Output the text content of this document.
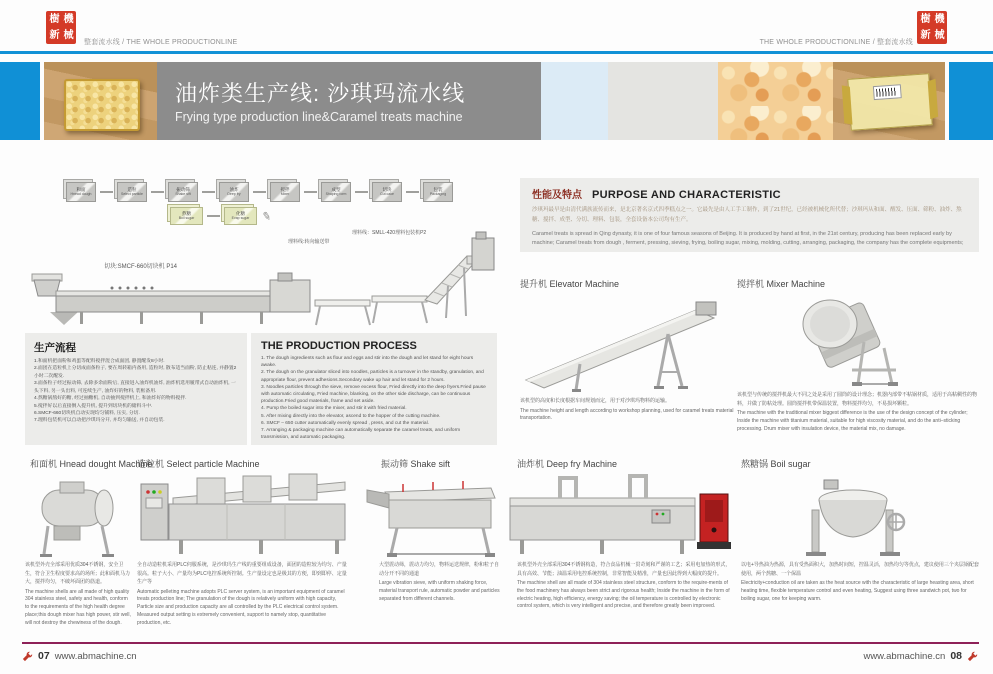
樹 機
新 械
整套流水线 / THE WHOLE PRODUCTIONLINE
樹 機
新 械
THE WHOLE PRODUCTIONLINE / 整套流水线
油炸类生产线: 沙琪玛流水线
Frying type production line&Caramel treats machine
和面
Hnead dough
造粒
Select particle
振动筛
Shake sift
油炸
Deep fry
搅拌
Mixer
成型
Shaping form
切块
Cut cake
包装
Packaging
熬糖
Boil sugar
化糖
Evap sugar ✎
切块:SMCF-660切块机 P14
理料线:转向输送带
理料线：SMLL-420理料包装机P2
生产流程
1.和面机把面粉和鸡蛋等配料搅拌混合成面团, 静置醒发8小时.
2.面团在造粒机上分切成面条粒子, 要在周转箱内备用, 造粒时, 散布适当面粉, 防止粘连, 并静置2小时二次醒发.
3.面条粒子经过振动筛, 去除多余面粉后, 直接进入油炸机油炸, 油炸机选用履带式自动油炸机, 一头下料, 另一头出料, 可连续生产, 油炸好的物料, 装框备用.
4.熬糖锅熬好的糖, 经过抽糖机, 自动抽到搅拌机上, 和油炸好的物料搅拌.
5.搅拌好以后直接倒入提升机, 提升到切块机的储料斗中.
6.SMCF-660切块机自动实现均匀铺料, 压实, 分切.
7.理料包装机可以自动把沙琪玛分开, 并均匀输送, 并自动包装.
THE PRODUCTION PROCESS
1. The dough ingredients such as flour and eggs and stir into the dough and let stand for eight hours awake.
2. The dough on the granulator sliced into noodles, particles is a turnover in the standby, granulation, and appropriate flour, prevent adhesions.Secondary wake up hair and let stand for 2 hours.
3. Noodles particles through the sieve, remove excess flour, Fried directly into the deep fryers.Fried pause with automatic circulating, Fried machine, blanking, on the other side discharge, can be continuous production.Fried good materials, frame and set aside.
4. Pump the boiled sugar into the mixer, and stir it with fried material.
5. After mixing directly into the elevator, ascend to the hopper of the cutting machine.
6. SMCF – 650 cutter automatically evenly spread , press, and cut the material.
7. Arranging & packaging machine can automatically separate the caramel treats, and uniform transmission, and automatic packaging.
性能及特点 PURPOSE AND CHARACTERISTIC
沙琪玛最早是由清代满族流传而来，是北京著名京式四季糕点之一。它最先是由人工手工制作，到了21世纪，已经被机械化所代替；沙琪玛从和面、醒发、压面、筛粉、油炸、熬糖、搅拌、成型、分切、理料、包装，全套设备本公司均有生产。
Caramel treats is spread in Qing dynasty, it is one of four famous seasons of Beijing. It is produced by hand at first, in the 21st century, producing has been replaced early by machine; Caramel treats from dough , ferment, pressing, sieving, frying, boiling sugar, mixing, molding, cutting, arranging, packaging, the company has the complete equipments;
提升机 Elevator Machine
该机型的高度和长度根据车间规划而定，用于对沙琪玛物料的运输。
The machine height and length according to workshop planning, used for caramel treats material transportation.
搅拌机 Mixer Machine
该机型与传统的搅拌机最大不同之处是采用了圆筒的设计理念；机器内部带不粘锅材质，适用于高粘稠性的物料，并做了防粘处理。圆筒搅拌机带保温装置，物料搅拌均匀，不易损坏颗粒。
The machine with the traditional mixer biggest difference is the use of the design concept of the cylinder; Inside the machine with titanium material, suitable for high viscosity material, and do the anti–sticking processing. Drum mixer with insulation device, the material mix, no damage.
和面机 Hnead dought Machine
该机型外壳全部采用优质304不锈钢，安全卫生，符合卫生程度要求高的场所；此和面机马力大，搅拌均匀，不破坏面团的筋道。
The machine shells are all made of high quality 304 stainless steel, safety and health, conform to the requirements of the high health degree place;this dough mixer has high power, stir well, will not destroy the chewiness of the dough.
造粒机 Select particle Machine
全自动造粒机采用PLC伺服系统，是沙琪玛生产线的重要组成设备，面团的造粒较为均匀、产量很高。粒子大小、产量均为PLC电控系统所控制。生产量设定也是极其的方便，即到即停、定量生产等
Automatic pelleting machine adopts PLC server system, is an important equipment of caramel treats production line; The granulation of the dough is relatively uniform with high capacity, Particle size and production capacity are all controlled by the PLC electrical control system. Measured output setting is extremely convenient, support to namely stop, quantitative production, etc.
振动筛 Shake sift
大型震动筛，震动力均匀，物料运送规律，粉和粒子自动分开不同的通道
Large vibration sieve, with uniform shaking force, material transport rule, automatic powder and particles separated from different channels.
油炸机 Deep fry Machine
该机型外壳全部采用304不锈钢构造，符合食品机械一贯苛刻和严谨的工艺；采用电加热的形式，具有高效、节能；油温采用电控系统控制，非常智能及精准，产量也因此得到大幅度的提升。
The machine shell are all made of 304 stainless steel structure, conform to the require-ments of the food machinery has always been strict and rigorous health; Inside the machine in the form of electric heating, high efficiency, energy saving; the oil temperature is controlled by electronic control system, which is very intelligent and precise, and therefore greatly been improved.
熬糖锅 Boil sugar
以电+导热油为热源，具有受热面积大，加热时间短，控温灵活，加热均匀等优点，建议使用三个夹层锅配套使用，两个熬糖、一个保温
Electricity+conduction oil are taken as the heat source with the characteristic of large heasting area, short heating time, flexible temperature control and even heating, Suggest using three sandwich pot, two for boiling sugar, one for keeping warm.
07 www.abmachine.cn	www.abmachine.cn 08
